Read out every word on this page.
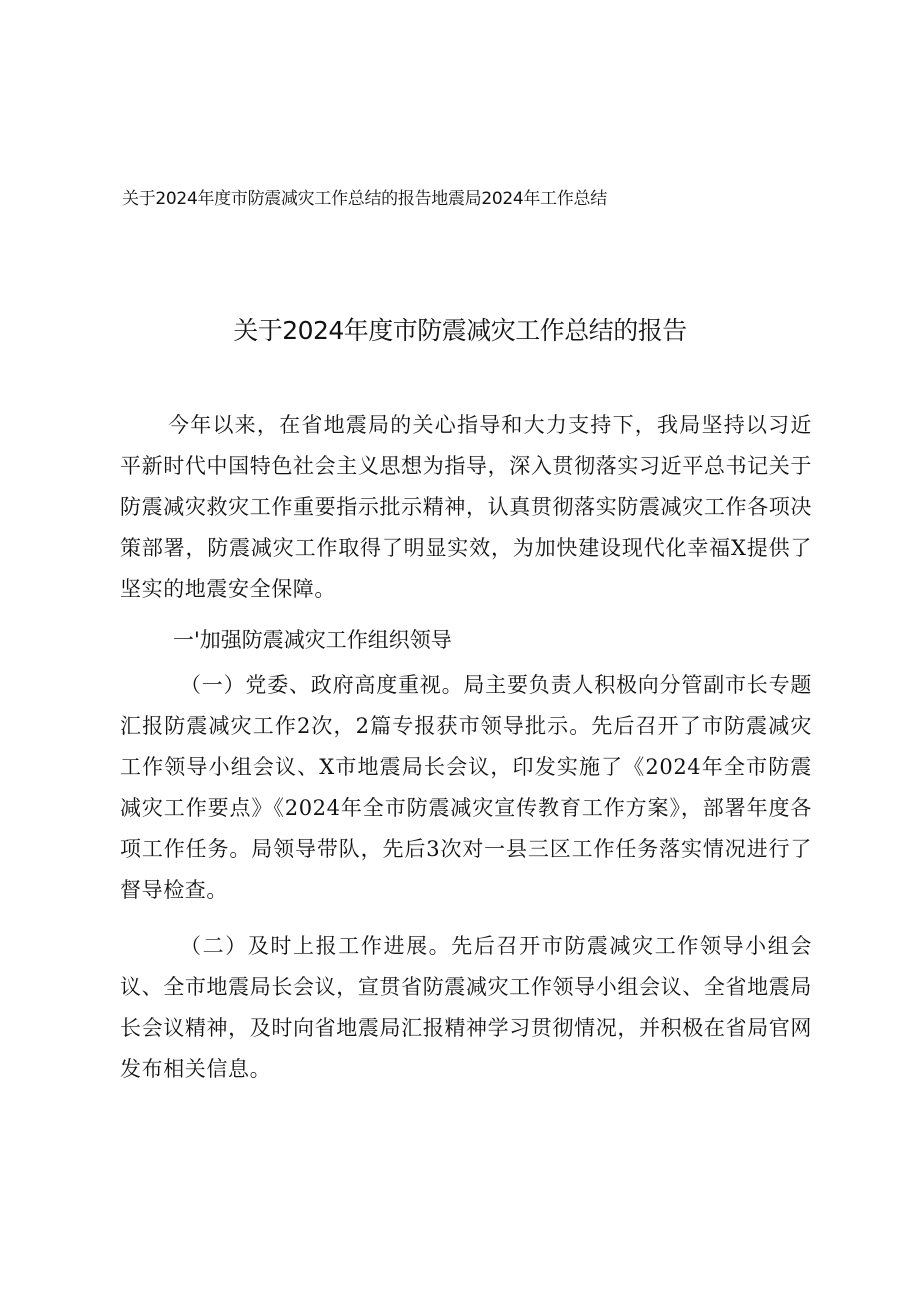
关于2024年度市防震减灾工作总结的报告地震局2024年工作总结
关于2024年度市防震减灾工作总结的报告

今年以来，在省地震局的关心指导和大力支持下，我局坚持以习近平新时代中国特色社会主义思想为指导，深入贯彻落实习近平总书记关于防震减灾救灾工作重要指示批示精神，认真贯彻落实防震减灾工作各项决策部署，防震减灾工作取得了明显实效，为加快建设现代化幸福X提供了坚实的地震安全保障。

一'加强防震减灾工作组织领导

（一）党委、政府高度重视。局主要负责人积极向分管副市长专题汇报防震减灾工作2次，2篇专报获市领导批示。先后召开了市防震减灾工作领导小组会议、X市地震局长会议，印发实施了《2024年全市防震减灾工作要点》《2024年全市防震减灾宣传教育工作方案》，部署年度各项工作任务。局领导带队，先后3次对一县三区工作任务落实情况进行了督导检查。

（二）及时上报工作进展。先后召开市防震减灾工作领导小组会议、全市地震局长会议，宣贯省防震减灾工作领导小组会议、全省地震局长会议精神，及时向省地震局汇报精神学习贯彻情况，并积极在省局官网发布相关信息。
